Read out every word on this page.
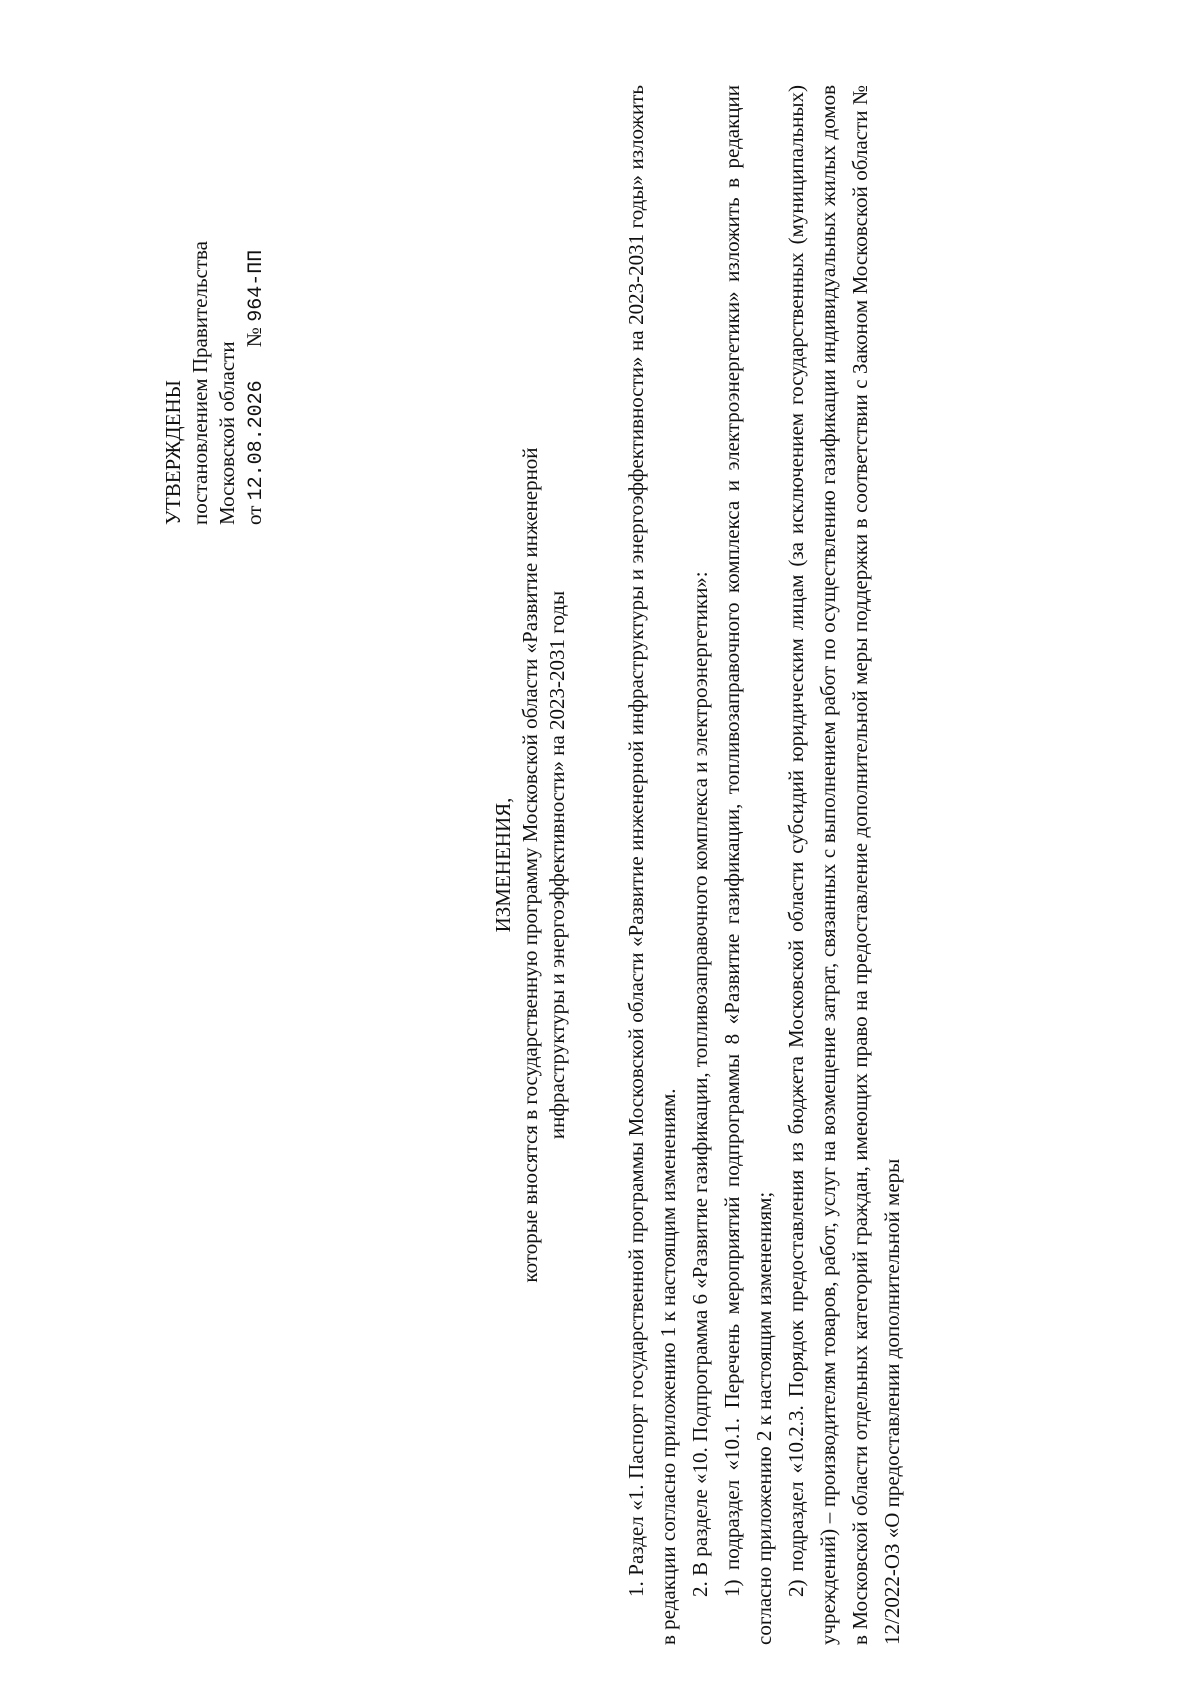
УТВЕРЖДЕНЫ постановлением Правительства Московской области от 12.08.2026 № 964-ПП
ИЗМЕНЕНИЯ, которые вносятся в государственную программу Московской области «Развитие инженерной инфраструктуры и энергоэффективности» на 2023-2031 годы	1. Раздел «1. Паспорт государственной программы Московской области «Развитие инженерной инфраструктуры и энергоэффективности» на 2023-2031 годы» изложить в редакции согласно приложению 1 к настоящим изменениям. 2. В разделе «10. Подпрограмма 6 «Развитие газификации, топливозаправочного комплекса и электроэнергетики»: 1) подраздел «10.1. Перечень мероприятий подпрограммы 8 «Развитие газификации, топливозаправочного комплекса и электроэнергетики» изложить в редакции согласно приложению 2 к настоящим изменениям; 2) подраздел «10.2.3. Порядок предоставления из бюджета Московской области субсидий юридическим лицам (за исключением государственных (муниципальных) учреждений) – производителям товаров, работ, услуг на возмещение затрат, связанных с выполнением работ по осуществлению газификации индивидуальных жилых домов в Московской области отдельных категорий граждан, имеющих право на предоставление дополнительной меры поддержки в соответствии с Законом Московской области № 12/2022-ОЗ «О предоставлении дополнительной меры
